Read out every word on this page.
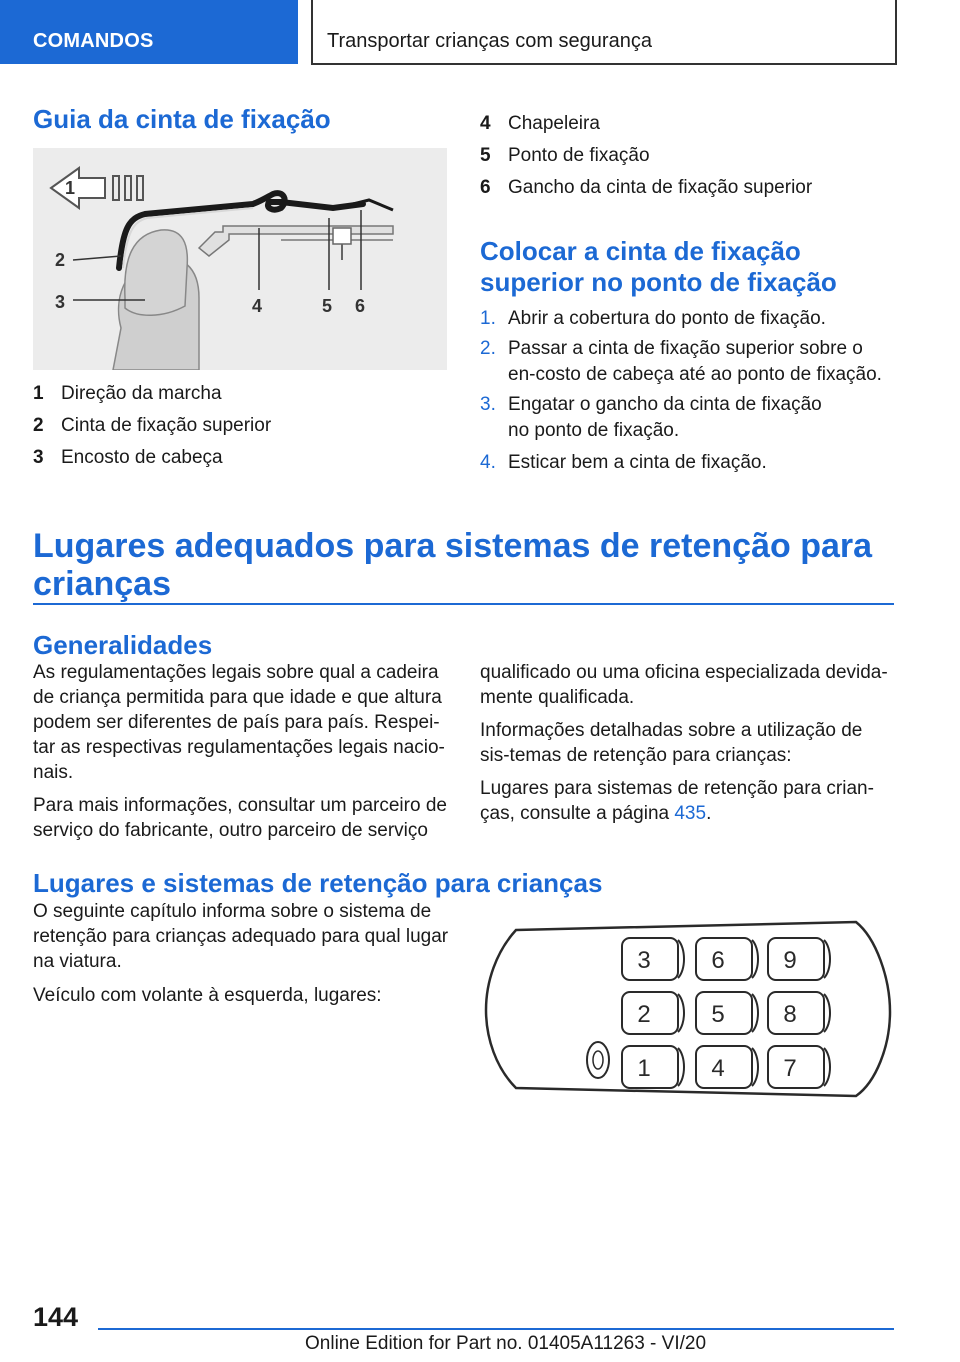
COMANDOS	Transportar crianças com segurança
Guia da cinta de fixação
1
2
3	4	5 6
1 Direção da marcha
2 Cinta de fixação superior
3 Encosto de cabeça
4 Chapeleira
5 Ponto de fixação
6 Gancho da cinta de fixação superior
Colocar a cinta de fixação
superior no ponto de fixação
1. Abrir a cobertura do ponto de fixação.
2. Passar a cinta de fixação superior sobre o en-costo de cabeça até ao ponto de fixação.
3. Engatar o gancho da cinta de fixação no ponto de fixação.
4. Esticar bem a cinta de fixação.
Lugares adequados para sistemas de retenção para
crianças
Generalidades

As regulamentações legais sobre qual a cadeira de criança permitida para que idade e que altura podem ser diferentes de país para país. Respei-tar as respectivas regulamentações legais nacio-nais.

Para mais informações, consultar um parceiro de serviço do fabricante, outro parceiro de serviço

qualificado ou uma oficina especializada devida-mente qualificada.

Informações detalhadas sobre a utilização de sis-temas de retenção para crianças:

Lugares para sistemas de retenção para crian-ças, consulte a página 435.

Lugares e sistemas de retenção para crianças

O seguinte capítulo informa sobre o sistema de retenção para crianças adequado para qual lugar na viatura.

Veículo com volante à esquerda, lugares:

3	6 9
2	5 8
1	4 7
144
Online Edition for Part no. 01405A11263 - VI/20
